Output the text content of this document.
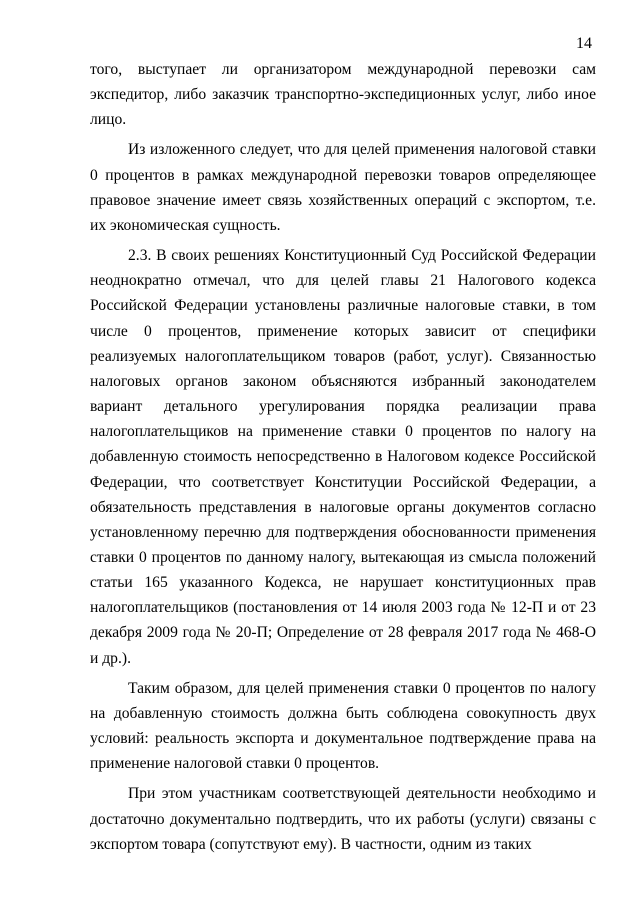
14
того, выступает ли организатором международной перевозки сам
экспедитор, либо заказчик транспортно-экспедиционных услуг, либо иное
лицо.
Из изложенного следует, что для целей применения налоговой ставки
0 процентов в рамках международной перевозки товаров определяющее
правовое значение имеет связь хозяйственных операций с экспортом, т.е.
их экономическая сущность.
2.3. В своих решениях Конституционный Суд Российской Федерации
неоднократно отмечал, что для целей главы 21 Налогового кодекса
Российской Федерации установлены различные налоговые ставки, в том
числе 0 процентов, применение которых зависит от специфики
реализуемых налогоплательщиком товаров (работ, услуг). Связанностью
налоговых органов законом объясняются избранный законодателем
вариант детального урегулирования порядка реализации права
налогоплательщиков на применение ставки 0 процентов по налогу на
добавленную стоимость непосредственно в Налоговом кодексе Российской
Федерации, что соответствует Конституции Российской Федерации, а
обязательность представления в налоговые органы документов согласно
установленному перечню для подтверждения обоснованности применения
ставки 0 процентов по данному налогу, вытекающая из смысла положений
статьи 165 указанного Кодекса, не нарушает конституционных прав
налогоплательщиков (постановления от 14 июля 2003 года № 12-П и от 23
декабря 2009 года № 20-П; Определение от 28 февраля 2017 года № 468-О
и др.).
Таким образом, для целей применения ставки 0 процентов по налогу
на добавленную стоимость должна быть соблюдена совокупность двух
условий: реальность экспорта и документальное подтверждение права на
применение налоговой ставки 0 процентов.
При этом участникам соответствующей деятельности необходимо и
достаточно документально подтвердить, что их работы (услуги) связаны с
экспортом товара (сопутствуют ему). В частности, одним из таких
